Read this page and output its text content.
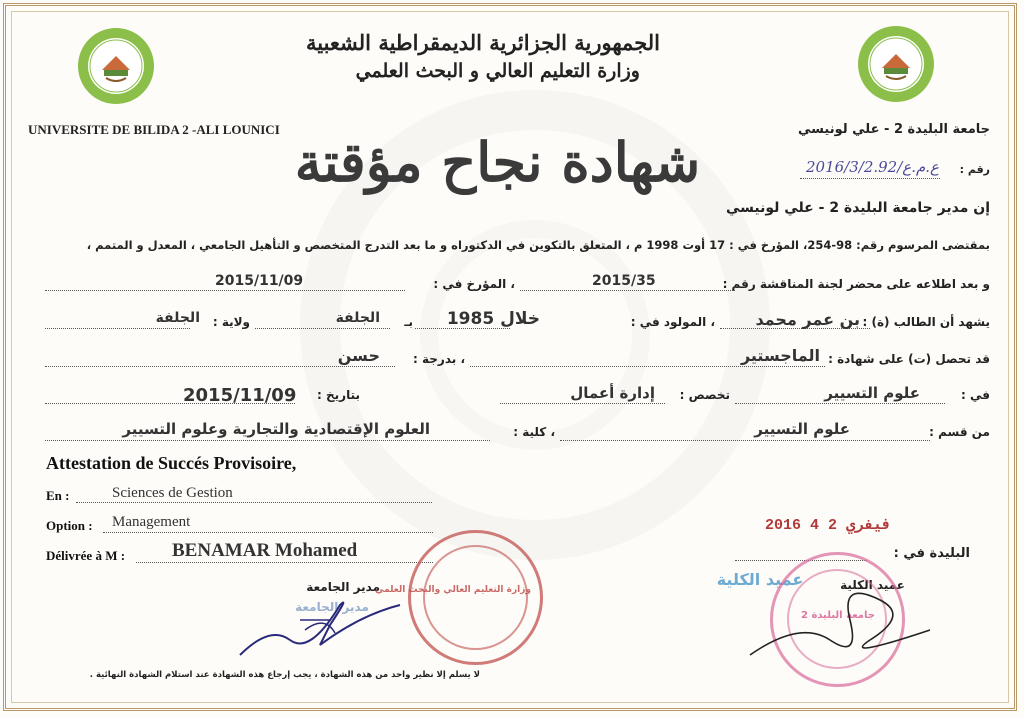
الجمهورية الجزائرية الديمقراطية الشعبية
وزارة التعليم العالي و البحث العلمي
UNIVERSITE DE BILIDA 2 -ALI LOUNICI	جامعة البليدة 2 - علي لونيسي
شهادة نجاح مؤقتة	رقم :
2016/ع.م.ع/3/2.92
إن مدير جامعة البليدة 2 - علي لونيسي
بمقتضى المرسوم رقم: 98-254، المؤرخ في : 17 أوت 1998 م ، المتعلق بالتكوين في الدكتوراه و ما بعد التدرج المتخصص و التأهيل الجامعي ، المعدل و المتمم ،
و بعد اطلاعه على محضر لجنة المناقشة رقم :
2015/35
، المؤرخ في :
2015/11/09
يشهد أن الطالب (ة) :
بن عمر محمد
، المولود في :
خلال 1985
بـ
الجلفة
ولاية :
الجلفة
قد تحصل (ت) على شهادة :
الماجستير
، بدرجة :
حسن
في :
علوم التسيير
تخصص :
إدارة أعمال
بتاريخ :
2015/11/09
من قسم :
علوم التسيير
، كلية :
العلوم الإقتصادية والتجارية وعلوم التسيير
Attestation de Succés Provisoire,
En :	Sciences de Gestion
Option : Management
Délivrée à M : BENAMAR Mohamed	البليدة في :
2016 فيفري 2 4
مدير الجامعة
مدير الجامعة
وزارة التعليم العالي والبحث العلمي	عميد الكلية
عميد الكلية
جامعة البليدة 2
لا يسلم إلا نظير واحد من هذه الشهادة ، يجب إرجاع هذه الشهادة عند استلام الشهادة النهائية .
